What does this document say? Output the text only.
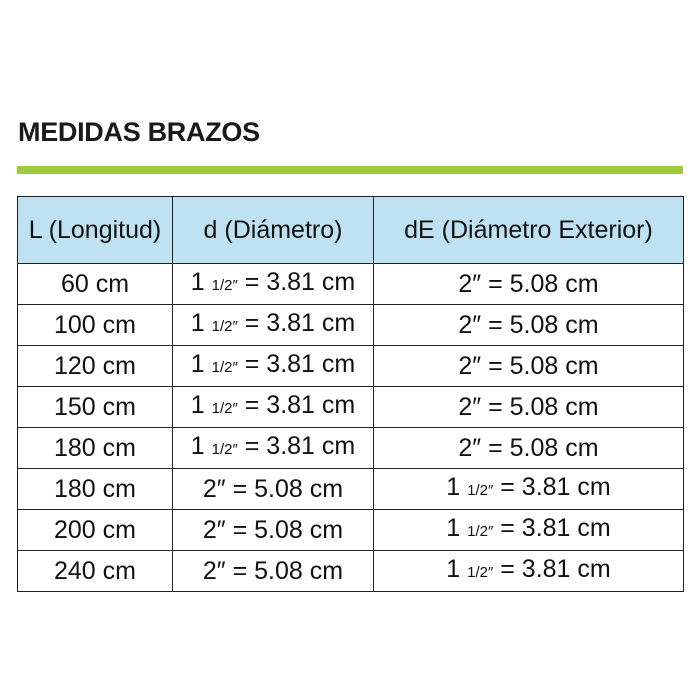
MEDIDAS BRAZOS
L (Longitud)	d (Diámetro)	dE (Diámetro Exterior)
60 cm	1 1/2″ = 3.81 cm	2″ = 5.08 cm
100 cm	1 1/2″ = 3.81 cm	2″ = 5.08 cm
120 cm	1 1/2″ = 3.81 cm	2″ = 5.08 cm
150 cm	1 1/2″ = 3.81 cm	2″ = 5.08 cm
180 cm	1 1/2″ = 3.81 cm	2″ = 5.08 cm
180 cm	2″ = 5.08 cm	1 1/2″ = 3.81 cm
200 cm	2″ = 5.08 cm	1 1/2″ = 3.81 cm
240 cm	2″ = 5.08 cm	1 1/2″ = 3.81 cm
